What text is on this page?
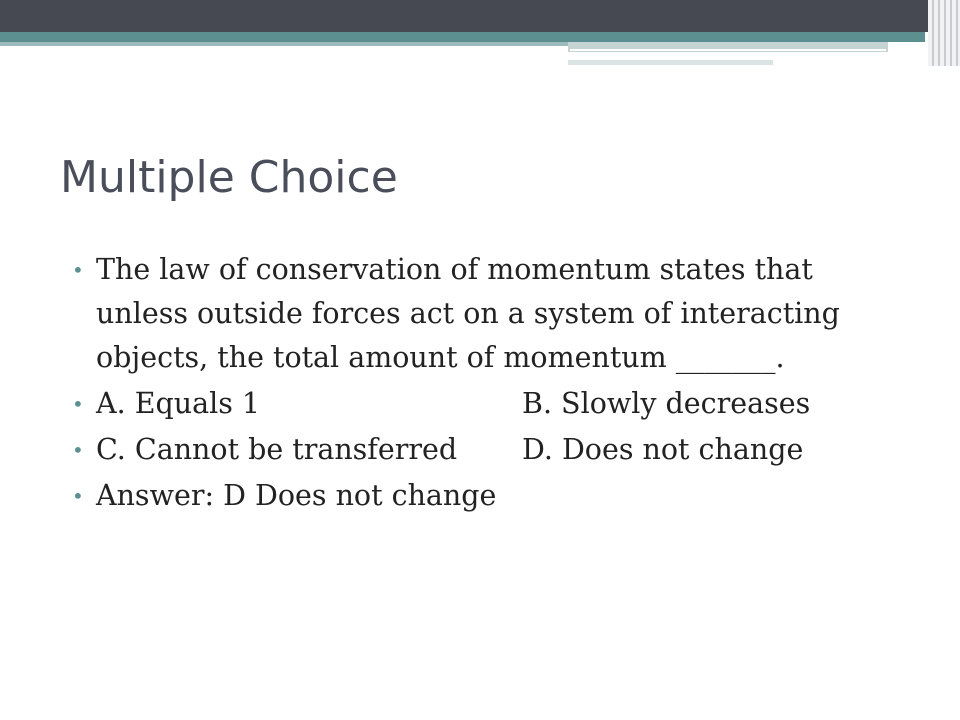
Multiple Choice
• The law of conservation of momentum states that unless outside forces act on a system of interacting objects, the total amount of momentum _______.
• A. Equals 1	B. Slowly decreases
• C. Cannot be transferred D. Does not change
• Answer: D Does not change
